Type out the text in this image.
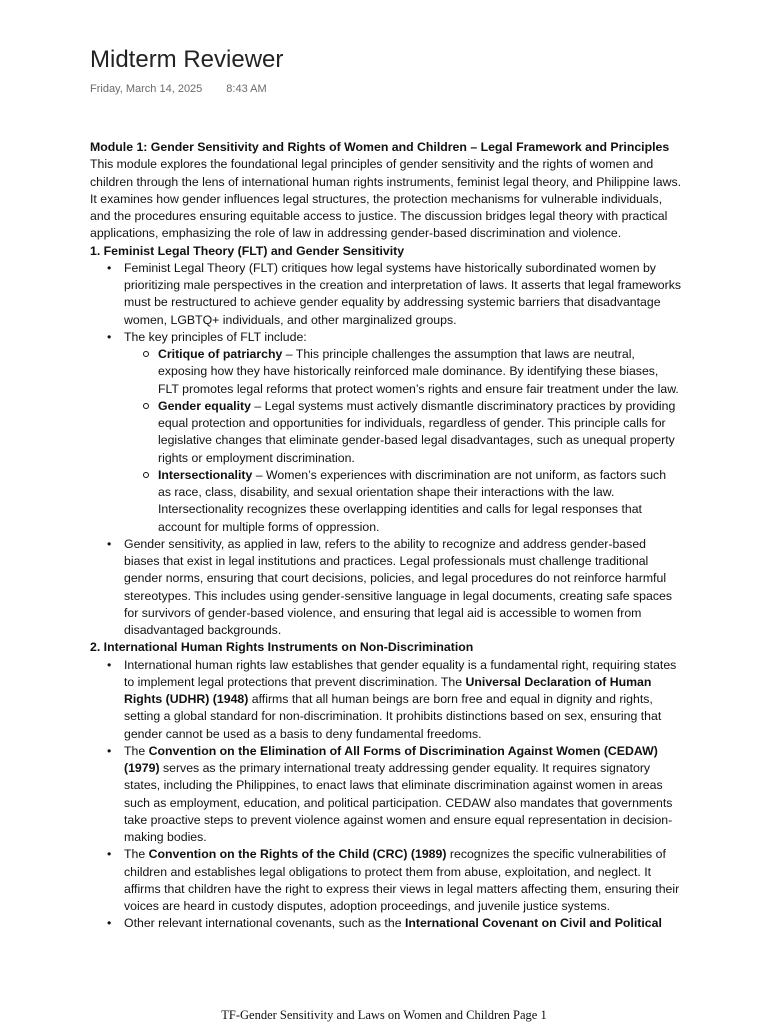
Midterm Reviewer
Friday, March 14, 2025 8:43 AM

Module 1: Gender Sensitivity and Rights of Women and Children – Legal Framework and Principles

This module explores the foundational legal principles of gender sensitivity and the rights of women and children through the lens of international human rights instruments, feminist legal theory, and Philippine laws. It examines how gender influences legal structures, the protection mechanisms for vulnerable individuals, and the procedures ensuring equitable access to justice. The discussion bridges legal theory with practical applications, emphasizing the role of law in addressing gender-based discrimination and violence.

1. Feminist Legal Theory (FLT) and Gender Sensitivity

• Feminist Legal Theory (FLT) critiques how legal systems have historically subordinated women by prioritizing male perspectives in the creation and interpretation of laws. It asserts that legal frameworks must be restructured to achieve gender equality by addressing systemic barriers that disadvantage women, LGBTQ+ individuals, and other marginalized groups.
• The key principles of FLT include:
Critique of patriarchy – This principle challenges the assumption that laws are neutral, exposing how they have historically reinforced male dominance. By identifying these biases, FLT promotes legal reforms that protect women’s rights and ensure fair treatment under the law.
Gender equality – Legal systems must actively dismantle discriminatory practices by providing equal protection and opportunities for individuals, regardless of gender. This principle calls for legislative changes that eliminate gender-based legal disadvantages, such as unequal property rights or employment discrimination.
Intersectionality – Women’s experiences with discrimination are not uniform, as factors such as race, class, disability, and sexual orientation shape their interactions with the law. Intersectionality recognizes these overlapping identities and calls for legal responses that account for multiple forms of oppression.
• Gender sensitivity, as applied in law, refers to the ability to recognize and address gender-based biases that exist in legal institutions and practices. Legal professionals must challenge traditional gender norms, ensuring that court decisions, policies, and legal procedures do not reinforce harmful stereotypes. This includes using gender-sensitive language in legal documents, creating safe spaces for survivors of gender-based violence, and ensuring that legal aid is accessible to women from disadvantaged backgrounds.

2. International Human Rights Instruments on Non-Discrimination

• International human rights law establishes that gender equality is a fundamental right, requiring states to implement legal protections that prevent discrimination. The Universal Declaration of Human Rights (UDHR) (1948) affirms that all human beings are born free and equal in dignity and rights, setting a global standard for non-discrimination. It prohibits distinctions based on sex, ensuring that gender cannot be used as a basis to deny fundamental freedoms.
• The Convention on the Elimination of All Forms of Discrimination Against Women (CEDAW) (1979) serves as the primary international treaty addressing gender equality. It requires signatory states, including the Philippines, to enact laws that eliminate discrimination against women in areas such as employment, education, and political participation. CEDAW also mandates that governments take proactive steps to prevent violence against women and ensure equal representation in decision-making bodies.
• The Convention on the Rights of the Child (CRC) (1989) recognizes the specific vulnerabilities of children and establishes legal obligations to protect them from abuse, exploitation, and neglect. It affirms that children have the right to express their views in legal matters affecting them, ensuring their voices are heard in custody disputes, adoption proceedings, and juvenile justice systems.
• Other relevant international covenants, such as the International Covenant on Civil and Political
TF-Gender Sensitivity and Laws on Women and Children Page 1
